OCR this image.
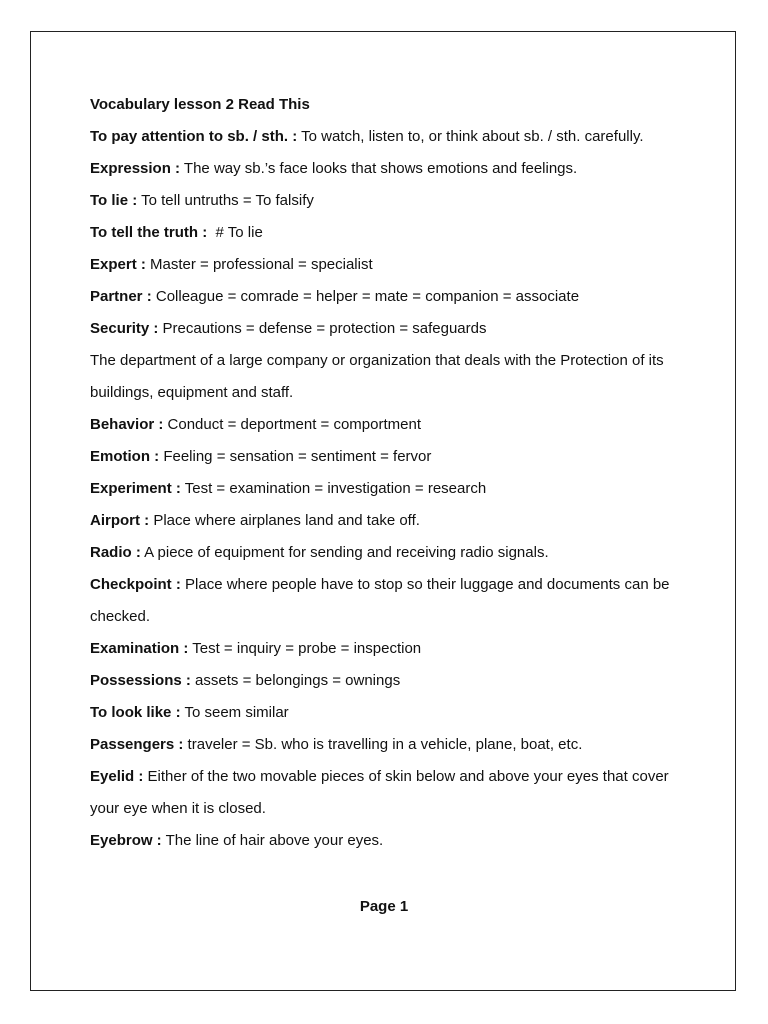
Vocabulary lesson 2 Read This
To pay attention to sb. / sth. : To watch, listen to, or think about sb. / sth. carefully.
Expression : The way sb.’s face looks that shows emotions and feelings.
To lie : To tell untruths = To falsify
To tell the truth :  # To lie
Expert : Master = professional = specialist
Partner : Colleague = comrade = helper = mate = companion = associate
Security : Precautions = defense = protection = safeguards
The department of a large company or organization that deals with the Protection of its buildings, equipment and staff.
Behavior : Conduct = deportment = comportment
Emotion : Feeling = sensation = sentiment = fervor
Experiment : Test = examination = investigation = research
Airport : Place where airplanes land and take off.
Radio : A piece of equipment for sending and receiving radio signals.
Checkpoint : Place where people have to stop so their luggage and documents can be checked.
Examination : Test = inquiry = probe = inspection
Possessions : assets = belongings = ownings
To look like : To seem similar
Passengers : traveler = Sb. who is travelling in a vehicle, plane, boat, etc.
Eyelid : Either of the two movable pieces of skin below and above your eyes that cover your eye when it is closed.
Eyebrow : The line of hair above your eyes.
Page 1
